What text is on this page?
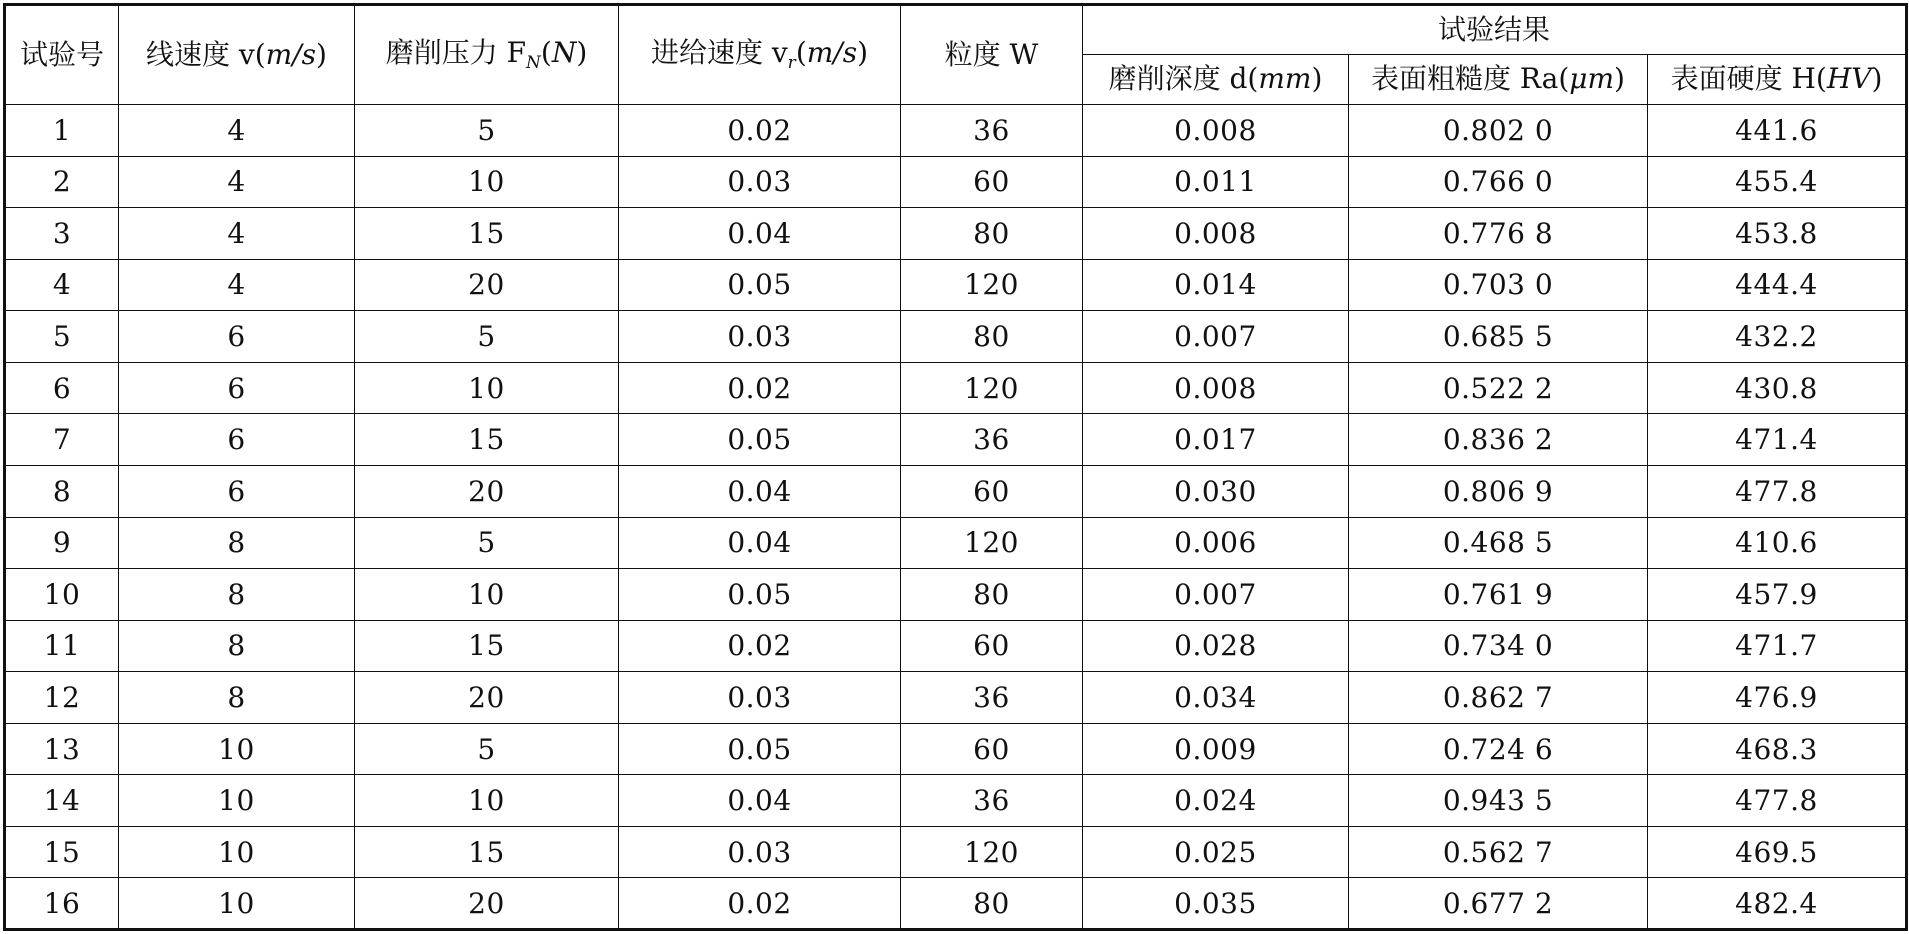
试验号	线速度 v(m/s)	磨削压力 $F_N(N)$	进给速度 $v_r(m/s)$	粒度 W	试验结果		
					磨削深度 d(mm)	表面粗糙度 Ra(μm)	表面硬度 H(HV)
1	4	5	0.02	36	0.008	0.802 0	441.6
2	4	10	0.03	60	0.011	0.766 0	455.4
3	4	15	0.04	80	0.008	0.776 8	453.8
4	4	20	0.05	120	0.014	0.703 0	444.4
5	6	5	0.03	80	0.007	0.685 5	432.2
6	6	10	0.02	120	0.008	0.522 2	430.8
7	6	15	0.05	36	0.017	0.836 2	471.4
8	6	20	0.04	60	0.030	0.806 9	477.8
9	8	5	0.04	120	0.006	0.468 5	410.6
10	8	10	0.05	80	0.007	0.761 9	457.9
11	8	15	0.02	60	0.028	0.734 0	471.7
12	8	20	0.03	36	0.034	0.862 7	476.9
13	10	5	0.05	60	0.009	0.724 6	468.3
14	10	10	0.04	36	0.024	0.943 5	477.8
15	10	15	0.03	120	0.025	0.562 7	469.5
16	10	20	0.02	80	0.035	0.677 2	482.4
